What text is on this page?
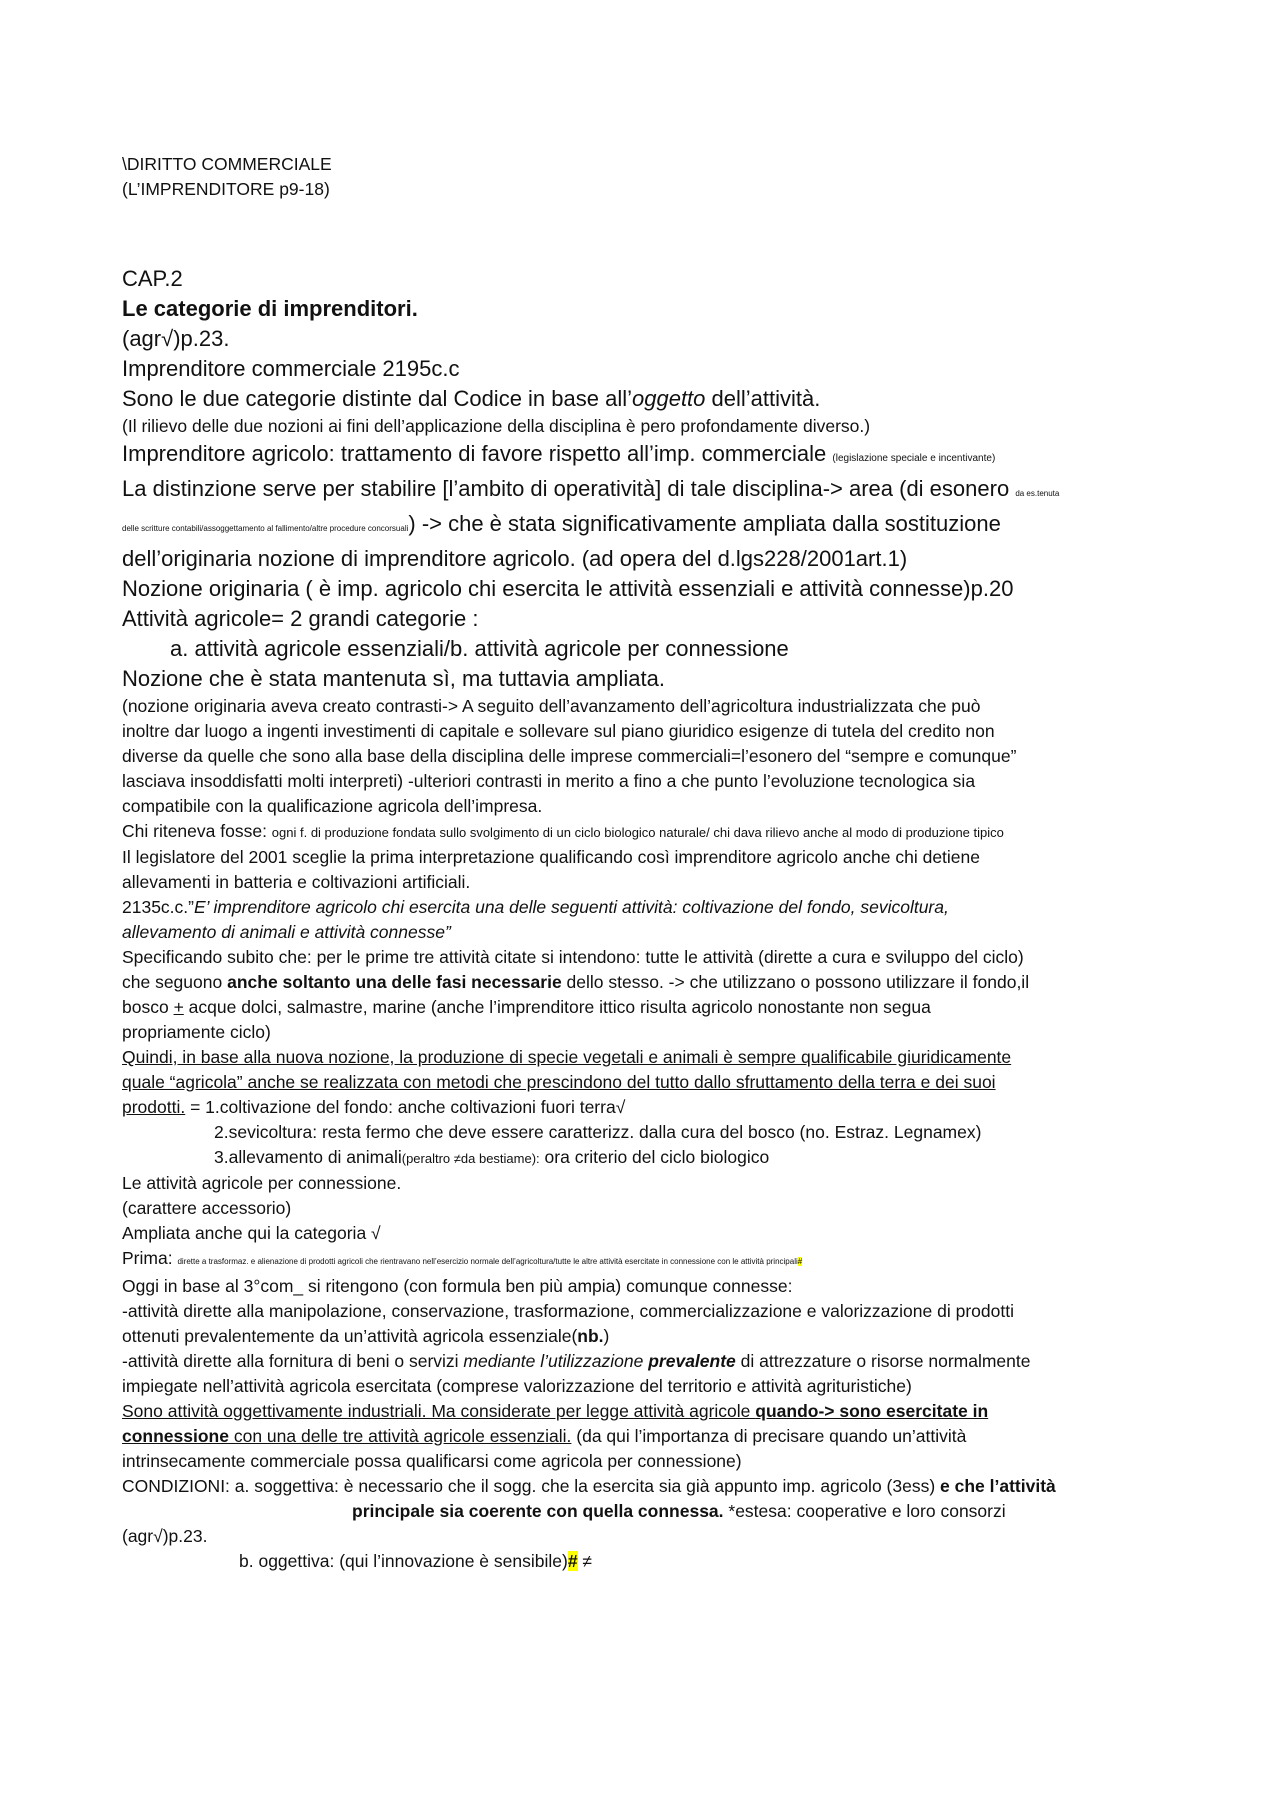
\DIRITTO COMMERCIALE
(L’IMPRENDITORE p9-18)
CAP.2
Le categorie di imprenditori.
(agr√)p.23.
Imprenditore commerciale 2195c.c
Sono le due categorie distinte dal Codice in base all’oggetto dell’attività.
(Il rilievo delle due nozioni ai fini dell’applicazione della disciplina è pero profondamente diverso.)
Imprenditore agricolo: trattamento di favore rispetto all’imp. commerciale (legislazione speciale e incentivante)
La distinzione serve per stabilire [l’ambito di operatività] di tale disciplina-> area (di esonero da es.tenuta
delle scritture contabili/assoggettamento al fallimento/altre procedure concorsuali) -> che è stata significativamente ampliata dalla sostituzione
dell’originaria nozione di imprenditore agricolo. (ad opera del d.lgs228/2001art.1)
Nozione originaria ( è imp. agricolo chi esercita le attività essenziali e attività connesse)p.20
Attività agricole= 2 grandi categorie :
a. attività agricole essenziali/b. attività agricole per connessione
Nozione che è stata mantenuta sì, ma tuttavia ampliata.
(nozione originaria aveva creato contrasti-> A seguito dell’avanzamento dell’agricoltura industrializzata che può
inoltre dar luogo a ingenti investimenti di capitale e sollevare sul piano giuridico esigenze di tutela del credito non
diverse da quelle che sono alla base della disciplina delle imprese commerciali=l’esonero del “sempre e comunque”
lasciava insoddisfatti molti interpreti) -ulteriori contrasti in merito a fino a che punto l’evoluzione tecnologica sia
compatibile con la qualificazione agricola dell’impresa.
Chi riteneva fosse: ogni f. di produzione fondata sullo svolgimento di un ciclo biologico naturale/ chi dava rilievo anche al modo di produzione tipico
Il legislatore del 2001 sceglie la prima interpretazione qualificando così imprenditore agricolo anche chi detiene
allevamenti in batteria e coltivazioni artificiali.
2135c.c.”E’ imprenditore agricolo chi esercita una delle seguenti attività: coltivazione del fondo, sevicoltura,
allevamento di animali e attività connesse”
Specificando subito che: per le prime tre attività citate si intendono: tutte le attività (dirette a cura e sviluppo del ciclo)
che seguono anche soltanto una delle fasi necessarie dello stesso. -> che utilizzano o possono utilizzare il fondo,il
bosco + acque dolci, salmastre, marine (anche l’imprenditore ittico risulta agricolo nonostante non segua
propriamente ciclo)
Quindi, in base alla nuova nozione, la produzione di specie vegetali e animali è sempre qualificabile giuridicamente
quale “agricola” anche se realizzata con metodi che prescindono del tutto dallo sfruttamento della terra e dei suoi
prodotti. = 1.coltivazione del fondo: anche coltivazioni fuori terra√
2.sevicoltura: resta fermo che deve essere caratterizz. dalla cura del bosco (no. Estraz. Legnamex)
3.allevamento di animali(peraltro ≠da bestiame): ora criterio del ciclo biologico
Le attività agricole per connessione.
(carattere accessorio)
Ampliata anche qui la categoria √
Prima: dirette a trasformaz. e alienazione di prodotti agricoli che rientravano nell’esercizio normale dell’agricoltura/tutte le altre attività esercitate in connessione con le attività principali#
Oggi in base al 3°com_ si ritengono (con formula ben più ampia) comunque connesse:
-attività dirette alla manipolazione, conservazione, trasformazione, commercializzazione e valorizzazione di prodotti
ottenuti prevalentemente da un’attività agricola essenziale(nb.)
-attività dirette alla fornitura di beni o servizi mediante l’utilizzazione prevalente di attrezzature o risorse normalmente
impiegate nell’attività agricola esercitata (comprese valorizzazione del territorio e attività agrituristiche)
Sono attività oggettivamente industriali. Ma considerate per legge attività agricole quando-> sono esercitate in
connessione con una delle tre attività agricole essenziali. (da qui l’importanza di precisare quando un’attività
intrinsecamente commerciale possa qualificarsi come agricola per connessione)
CONDIZIONI: a. soggettiva: è necessario che il sogg. che la esercita sia già appunto imp. agricolo (3ess) e che l’attività
principale sia coerente con quella connessa. *estesa: cooperative e loro consorzi
(agr√)p.23.
b. oggettiva: (qui l’innovazione è sensibile)# ≠
